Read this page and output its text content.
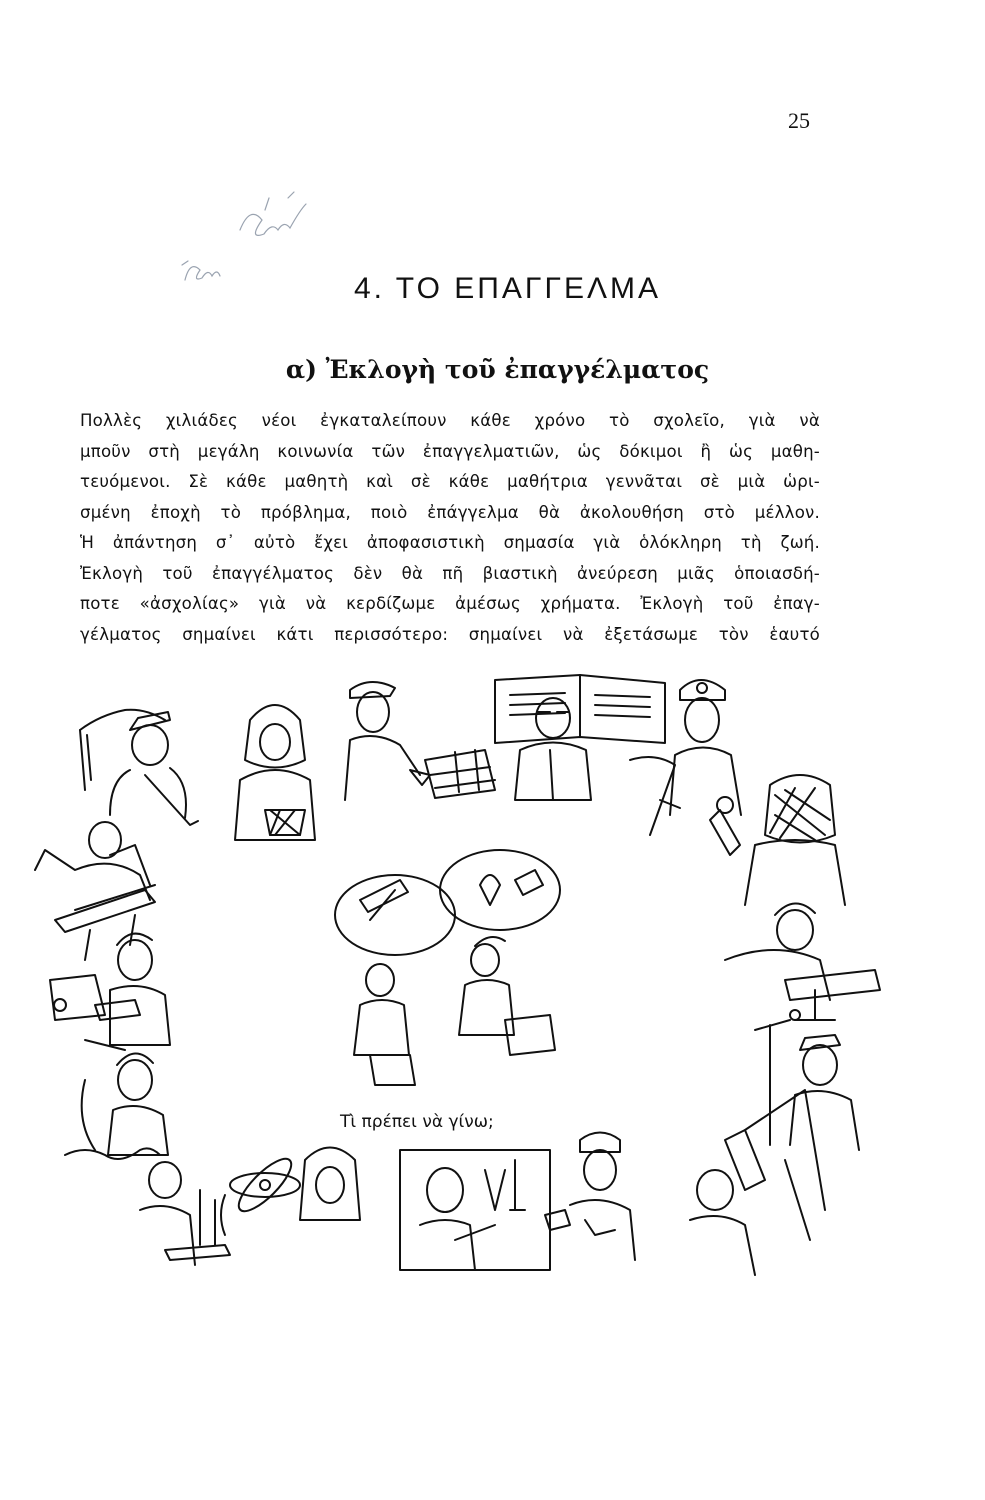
25
4. ΤΟ ΕΠΑΓΓΕΛΜΑ
α) Ἐκλογὴ τοῦ ἐπαγγέλματος
Πολλὲς χιλιάδες νέοι ἐγκαταλείπουν κάθε χρόνο τὸ σχολεῖο, γιὰ νὰ
μποῦν στὴ μεγάλη κοινωνία τῶν ἐπαγγελματιῶν, ὡς δόκιμοι ἢ ὡς μαθη-
τευόμενοι. Σὲ κάθε μαθητὴ καὶ σὲ κάθε μαθήτρια γεννᾶται σὲ μιὰ ὡρι-
σμένη ἐποχὴ τὸ πρόβλημα, ποιὸ ἐπάγγελμα θὰ ἀκολουθήση στὸ μέλλον.
Ἡ ἀπάντηση σ᾽ αὐτὸ ἔχει ἀποφασιστικὴ σημασία γιὰ ὁλόκληρη τὴ ζωή.
Ἐκλογὴ τοῦ ἐπαγγέλματος δὲν θὰ πῆ βιαστικὴ ἀνεύρεση μιᾶς ὁποιασδή-
ποτε «ἀσχολίας» γιὰ νὰ κερδίζωμε ἀμέσως χρήματα. Ἐκλογὴ τοῦ ἐπαγ-
γέλματος σημαίνει κάτι περισσότερο: σημαίνει νὰ ἐξετάσωμε τὸν ἑαυτό
Τὶ πρέπει νὰ γίνω;
